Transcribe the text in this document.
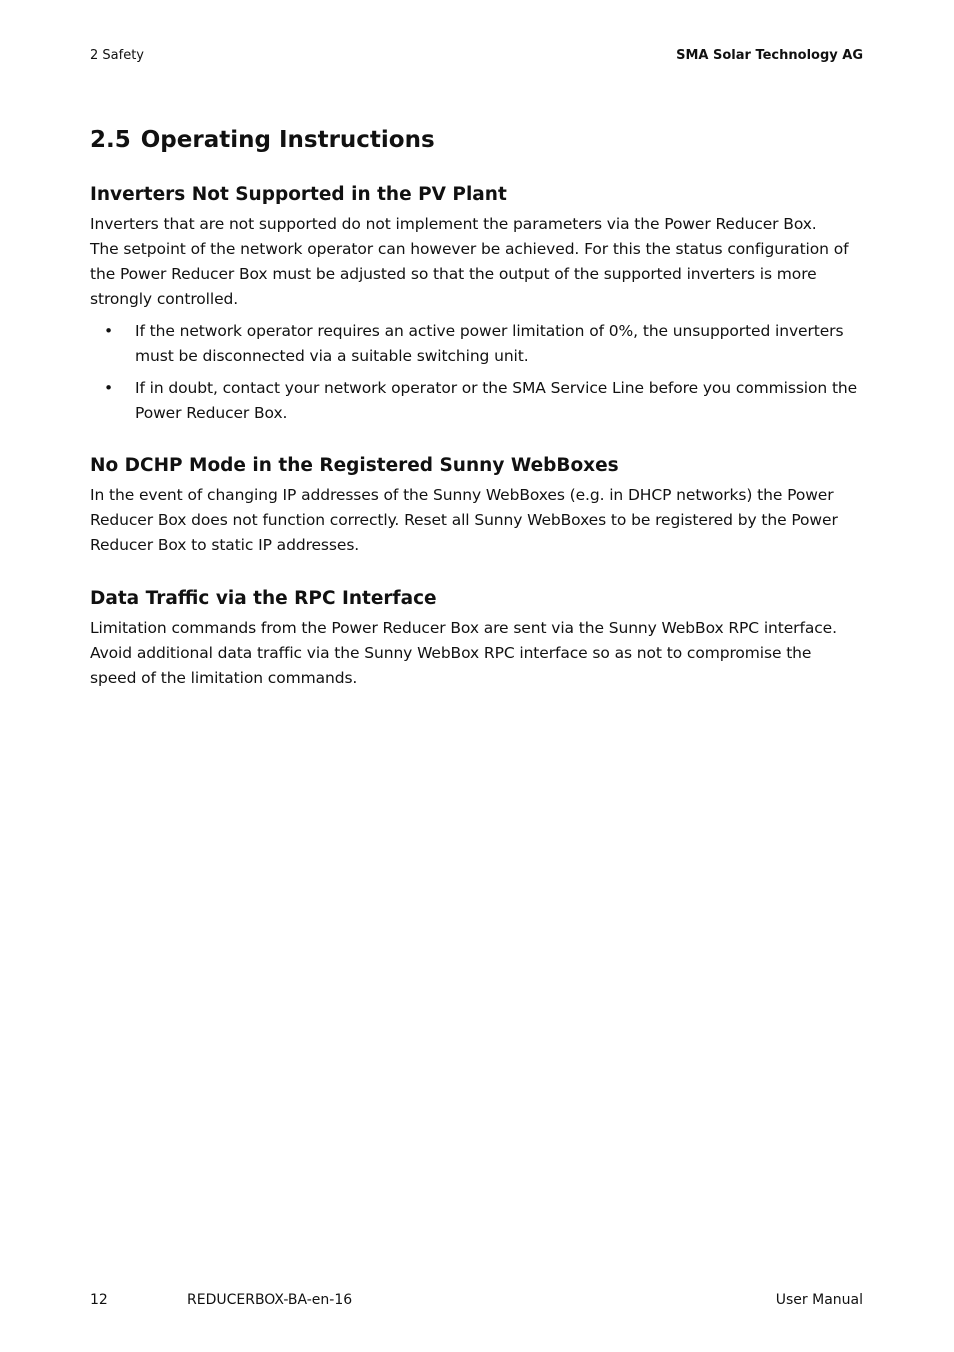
2 Safety	SMA Solar Technology AG
2.5 Operating Instructions
Inverters Not Supported in the PV Plant

Inverters that are not supported do not implement the parameters via the Power Reducer Box.

The setpoint of the network operator can however be achieved. For this the status configuration of the Power Reducer Box must be adjusted so that the output of the supported inverters is more strongly controlled.

• If the network operator requires an active power limitation of 0%, the unsupported inverters must be disconnected via a suitable switching unit.
• If in doubt, contact your network operator or the SMA Service Line before you commission the Power Reducer Box.
No DCHP Mode in the Registered Sunny WebBoxes

In the event of changing IP addresses of the Sunny WebBoxes (e.g. in DHCP networks) the Power Reducer Box does not function correctly. Reset all Sunny WebBoxes to be registered by the Power Reducer Box to static IP addresses.

Data Traffic via the RPC Interface

Limitation commands from the Power Reducer Box are sent via the Sunny WebBox RPC interface. Avoid additional data traffic via the Sunny WebBox RPC interface so as not to compromise the speed of the limitation commands.

12	REDUCERBOX-BA-en-16	User Manual
